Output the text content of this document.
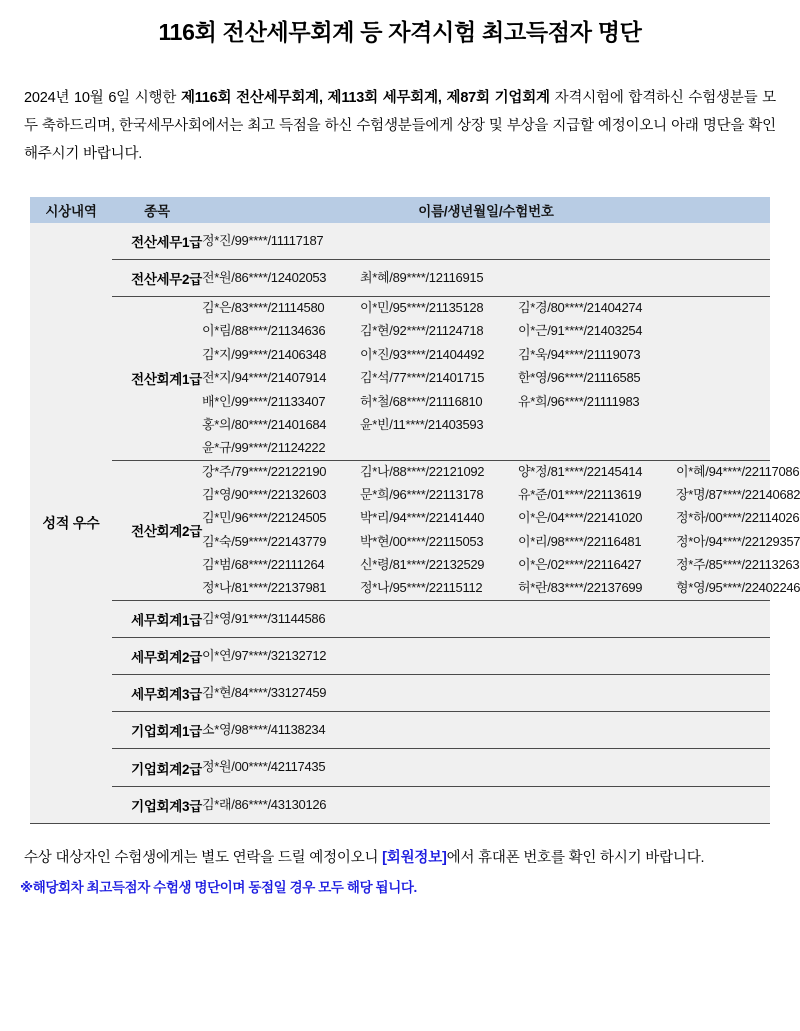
116회 전산세무회계 등 자격시험 최고득점자 명단

2024년 10월 6일 시행한 제116회 전산세무회계, 제113회 세무회계, 제87회 기업회계 자격시험에 합격하신 수험생분들 모두 축하드리며, 한국세무사회에서는 최고 득점을 하신 수험생분들에게 상장 및 부상을 지급할 예정이오니 아래 명단을 확인해주시기 바랍니다.

시상내역	종목	이름/생년월일/수험번호
성적 우수	전산세무1급	정*진/99****/11117187

	전산세무2급	전*원/86****/12402053 최*혜/89****/12116915

전산회계1급	
김*은/83****/21114580	이*민/95****/21135128	김*경/80****/21404274
이*림/88****/21134636	김*현/92****/21124718	이*근/91****/21403254
김*지/99****/21406348	이*진/93****/21404492	김*욱/94****/21119073
전*지/94****/21407914	김*석/77****/21401715	한*영/96****/21116585
배*인/99****/21133407	허*철/68****/21116810	유*희/96****/21111983
홍*의/80****/21401684	윤*빈/11****/21403593
윤*규/99****/21124222

전산회계2급	
강*주/79****/22122190	김*나/88****/22121092	양*정/81****/22145414	이*혜/94****/22117086
김*영/90****/22132603	문*희/96****/22113178	유*준/01****/22113619	장*명/87****/22140682
김*민/96****/22124505	박*리/94****/22141440	이*은/04****/22141020	정*하/00****/22114026
김*숙/59****/22143779	박*현/00****/22115053	이*리/98****/22116481	정*아/94****/22129357
김*범/68****/22111264	신*령/81****/22132529	이*은/02****/22116427	정*주/85****/22113263
정*나/81****/22137981	정*나/95****/22115112	허*란/83****/22137699	형*영/95****/22402246

	세무회계1급	김*영/91****/31144586

	세무회계2급	이*연/97****/32132712

	세무회계3급	김*현/84****/33127459

	기업회계1급	소*영/98****/41138234

	기업회계2급	정*원/00****/42117435

	기업회계3급	김*래/86****/43130126

수상 대상자인 수험생에게는 별도 연락을 드릴 예정이오니 [회원정보]에서 휴대폰 번호를 확인 하시기 바랍니다.

※해당회차 최고득점자 수험생 명단이며 동점일 경우 모두 해당 됩니다.
